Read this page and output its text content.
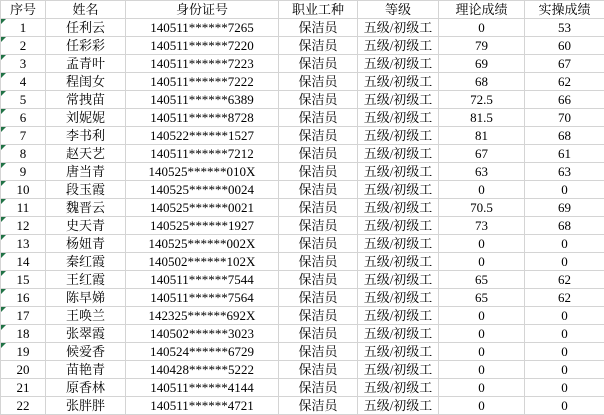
序号	姓名	身份证号	职业工种	等级	理论成绩	实操成绩

1	任利云	140511******7265	保洁员	五级/初级工	0	53

2	任彩彩	140511******7220	保洁员	五级/初级工	79	60

3	孟青叶	140511******7223	保洁员	五级/初级工	69	67

4	程闺女	140511******7222	保洁员	五级/初级工	68	62

5	常拽苗	140511******6389	保洁员	五级/初级工	72.5	66

6	刘妮妮	140511******8728	保洁员	五级/初级工	81.5	70

7	李书利	140522******1527	保洁员	五级/初级工	81	68

8	赵天艺	140511******7212	保洁员	五级/初级工	67	61

9	唐当青	140525******010X	保洁员	五级/初级工	63	63

10	段玉霞	140525******0024	保洁员	五级/初级工	0	0

11	魏晋云	140525******0021	保洁员	五级/初级工	70.5	69

12	史天青	140525******1927	保洁员	五级/初级工	73	68

13	杨妞青	140525******002X	保洁员	五级/初级工	0	0

14	秦红霞	140502******102X	保洁员	五级/初级工	0	0

15	王红霞	140511******7544	保洁员	五级/初级工	65	62

16	陈早娣	140511******7564	保洁员	五级/初级工	65	62

17	王唤兰	142325******692X	保洁员	五级/初级工	0	0

18	张翠霞	140502******3023	保洁员	五级/初级工	0	0

19	候爱香	140524******6729	保洁员	五级/初级工	0	0
20	苗艳青	140428******5222	保洁员	五级/初级工	0	0
21	原香林	140511******4144	保洁员	五级/初级工	0	0
22	张胖胖	140511******4721	保洁员	五级/初级工	0	0
